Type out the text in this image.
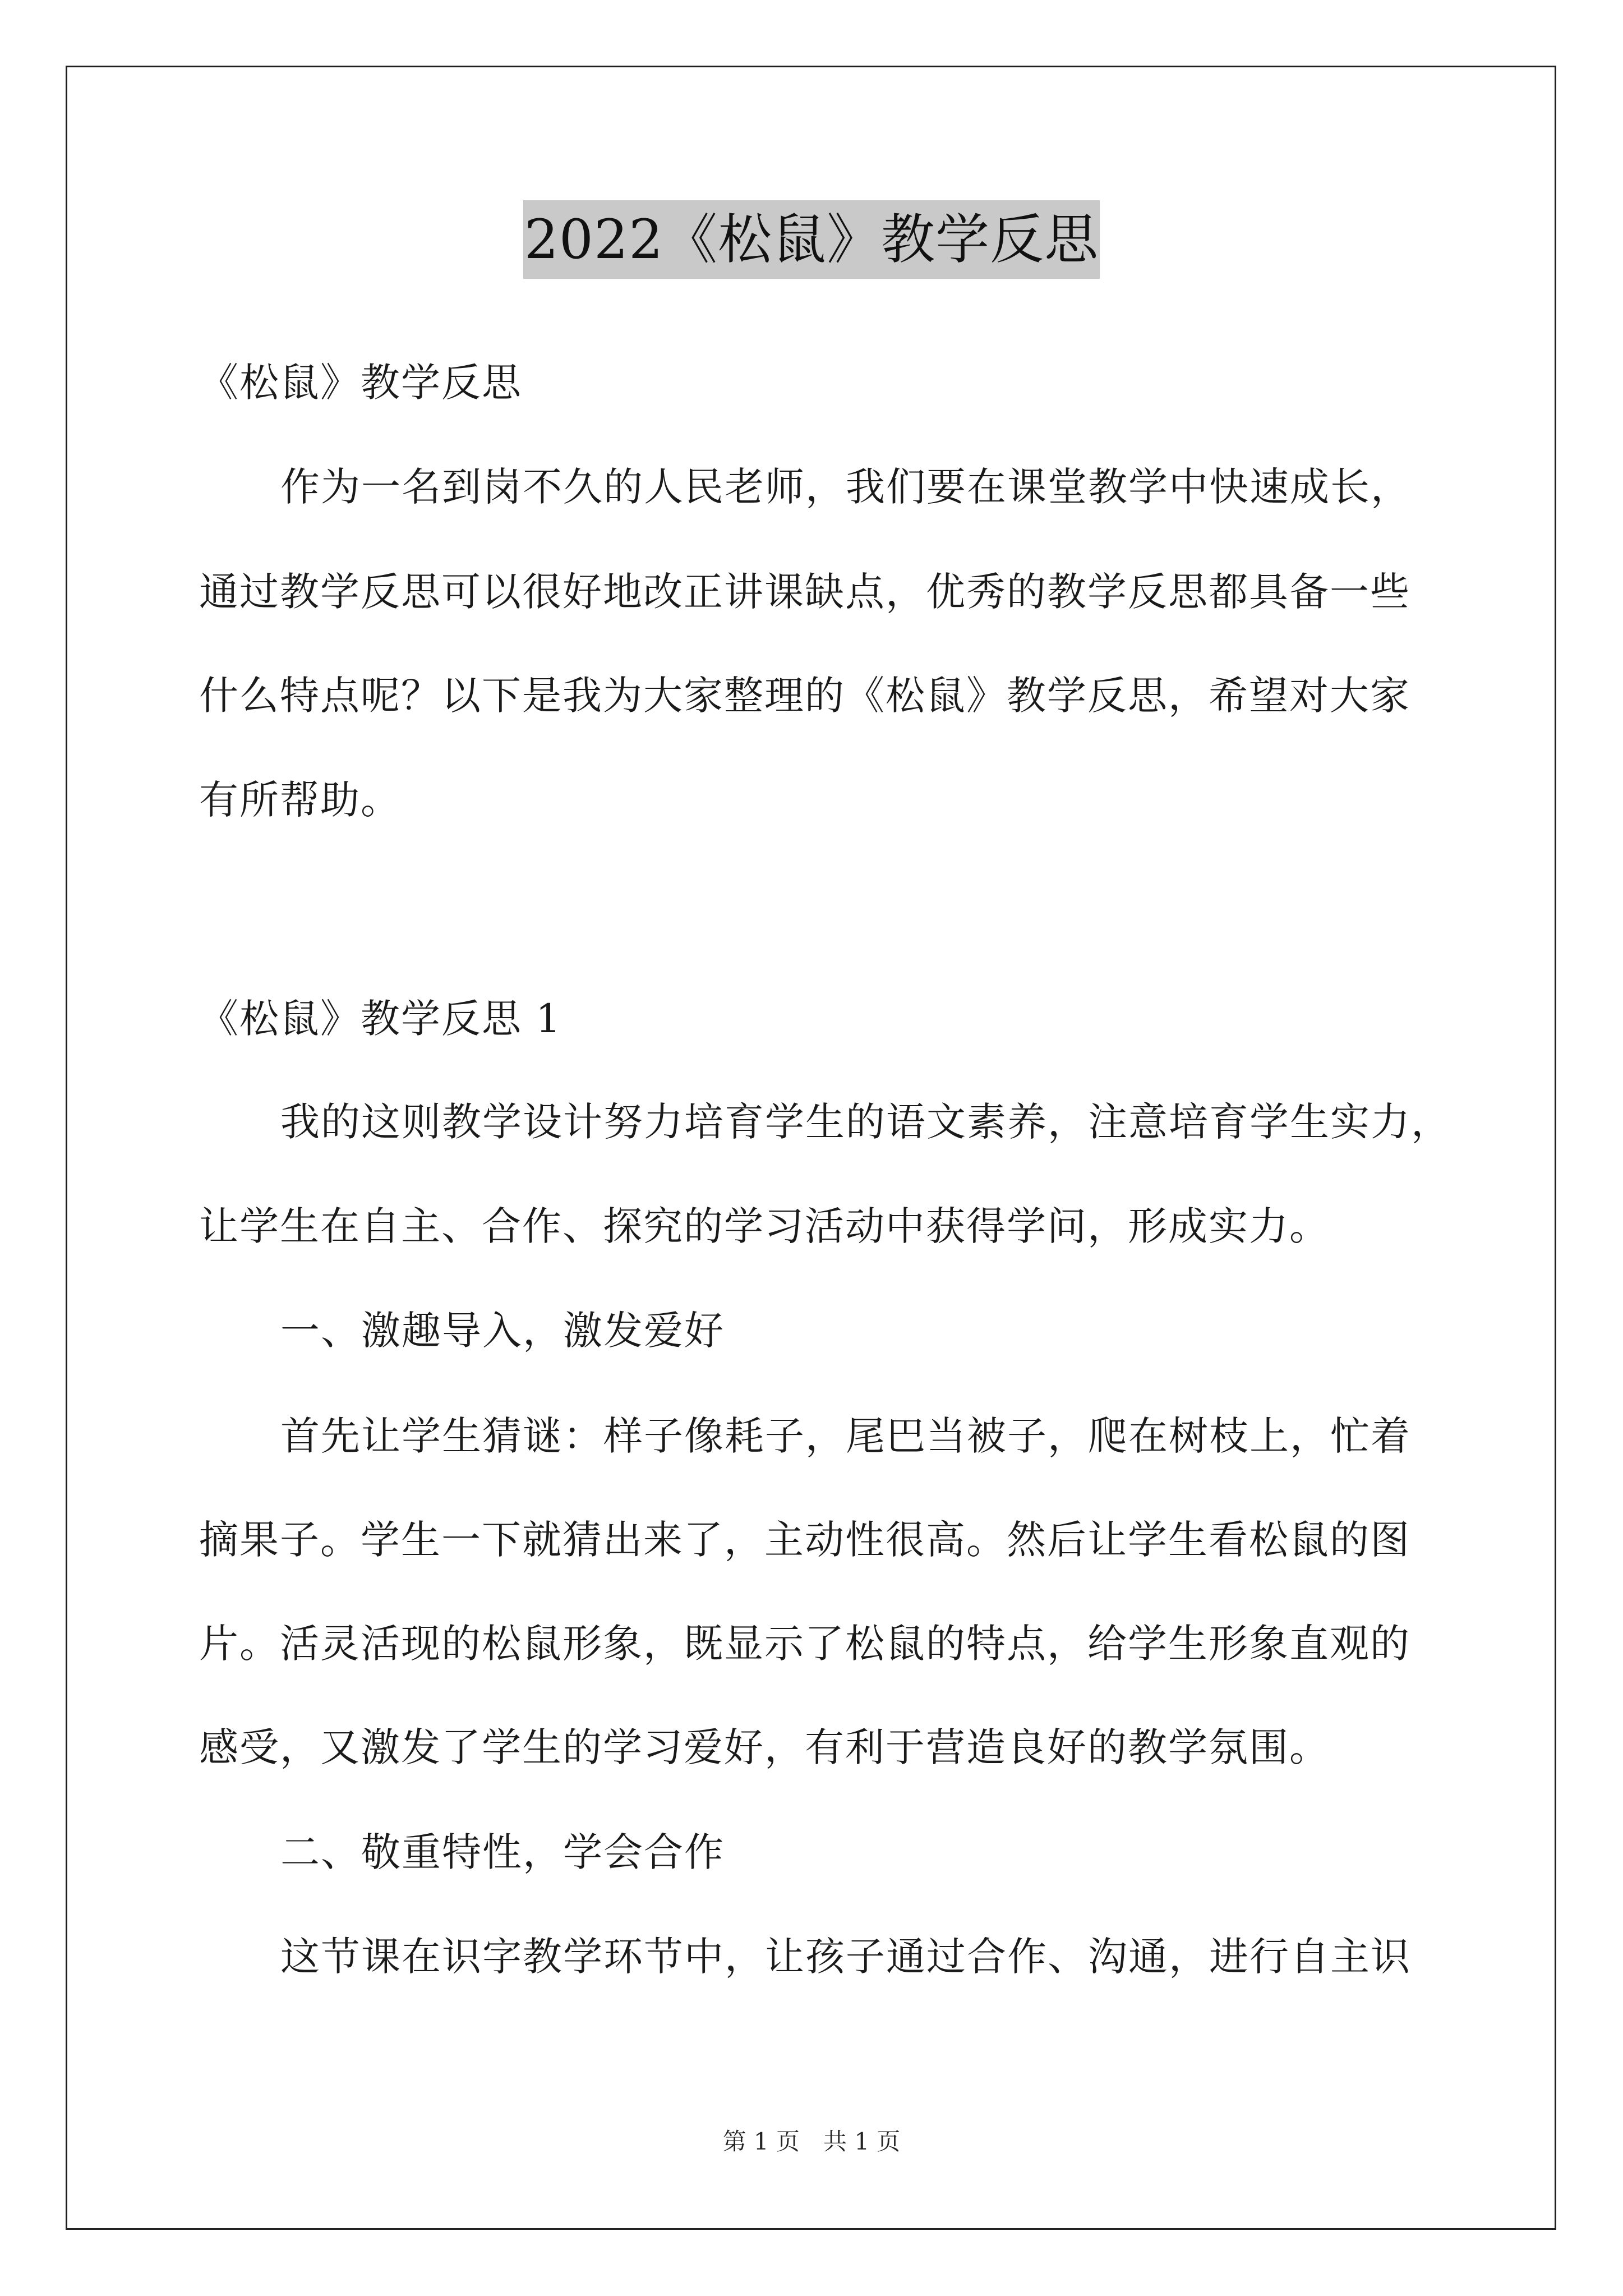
2022《松鼠》教学反思
《松鼠》教学反思
作为一名到岗不久的人民老师，我们要在课堂教学中快速成长，
通过教学反思可以很好地改正讲课缺点，优秀的教学反思都具备一些
什么特点呢？以下是我为大家整理的《松鼠》教学反思，希望对大家
有所帮助。
《松鼠》教学反思 1
我的这则教学设计努力培育学生的语文素养，注意培育学生实力，
让学生在自主、合作、探究的学习活动中获得学问，形成实力。
一、激趣导入，激发爱好
首先让学生猜谜：样子像耗子，尾巴当被子，爬在树枝上，忙着
摘果子。学生一下就猜出来了，主动性很高。然后让学生看松鼠的图
片。活灵活现的松鼠形象，既显示了松鼠的特点，给学生形象直观的
感受，又激发了学生的学习爱好，有利于营造良好的教学氛围。
二、敬重特性，学会合作
这节课在识字教学环节中，让孩子通过合作、沟通，进行自主识
第 1 页　共 1 页
